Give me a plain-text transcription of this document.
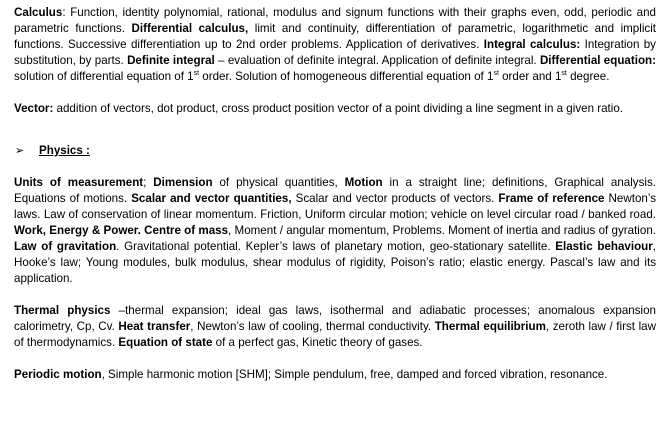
Calculus: Function, identity polynomial, rational, modulus and signum functions with their graphs even, odd, periodic and parametric functions. Differential calculus, limit and continuity, differentiation of parametric, logarithmetic and implicit functions. Successive differentiation up to 2nd order problems. Application of derivatives. Integral calculus: Integration by substitution, by parts. Definite integral – evaluation of definite integral. Application of definite integral. Differential equation: solution of differential equation of 1st order. Solution of homogeneous differential equation of 1st order and 1st degree.

Vector: addition of vectors, dot product, cross product position vector of a point dividing a line segment in a given ratio.

➢	Physics :

Units of measurement; Dimension of physical quantities, Motion in a straight line; definitions, Graphical analysis. Equations of motions. Scalar and vector quantities, Scalar and vector products of vectors. Frame of reference Newton’s laws. Law of conservation of linear momentum. Friction, Uniform circular motion; vehicle on level circular road / banked road. Work, Energy & Power. Centre of mass, Moment / angular momentum, Problems. Moment of inertia and radius of gyration. Law of gravitation. Gravitational potential. Kepler’s laws of planetary motion, geo-stationary satellite. Elastic behaviour, Hooke’s law; Young modules, bulk modulus, shear modulus of rigidity, Poison’s ratio; elastic energy. Pascal’s law and its application.

Thermal physics –thermal expansion; ideal gas laws, isothermal and adiabatic processes; anomalous expansion calorimetry, Cp, Cv. Heat transfer, Newton’s law of cooling, thermal conductivity. Thermal equilibrium, zeroth law / first law of thermodynamics. Equation of state of a perfect gas, Kinetic theory of gases.

Periodic motion, Simple harmonic motion [SHM]; Simple pendulum, free, damped and forced vibration, resonance.
